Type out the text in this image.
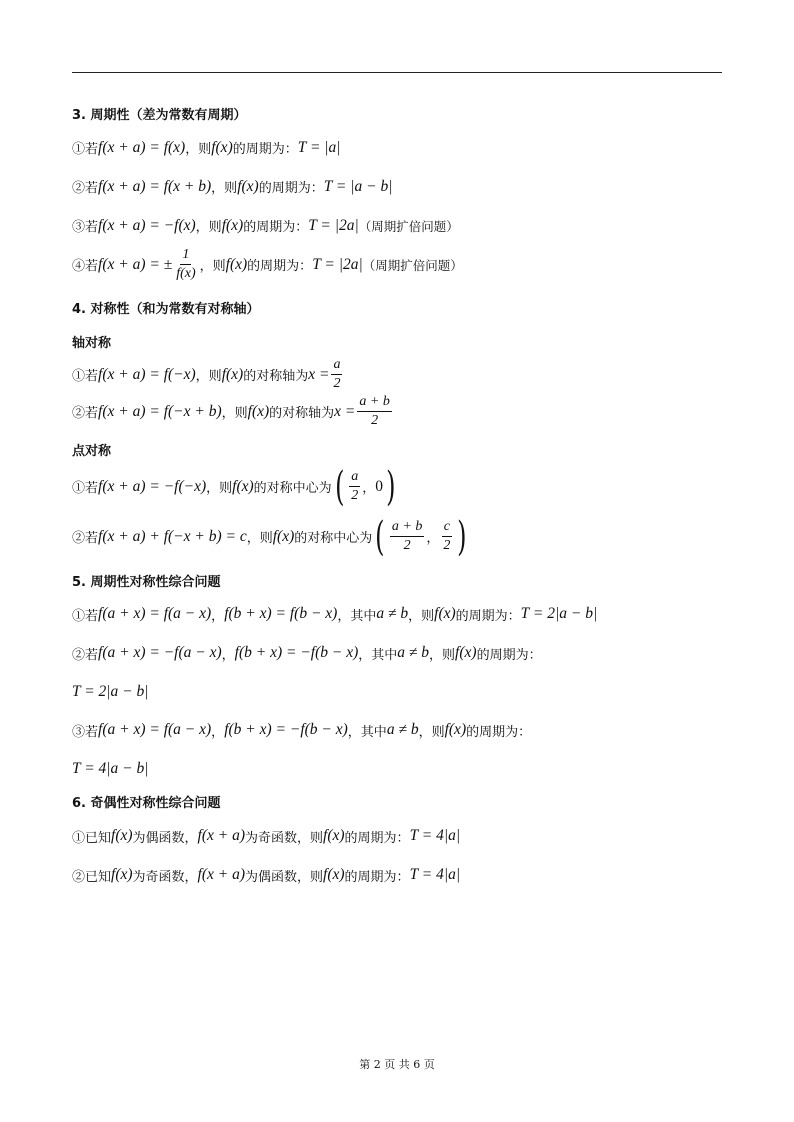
3. 周期性（差为常数有周期）
①若 f(x + a) = f(x) ，则 f(x) 的周期为： T = |a|
②若 f(x + a) = f(x + b) ，则 f(x) 的周期为： T = |a − b|
③若 f(x + a) = −f(x) ，则 f(x) 的周期为： T = |2a| （周期扩倍问题）
④若 f(x + a) = ± $\frac{1}{f(x)}$ ，则 f(x) 的周期为： T = |2a| （周期扩倍问题）
4. 对称性（和为常数有对称轴）
轴对称
①若 f(x + a) = f(−x) ，则 f(x) 的对称轴为 $x = \frac{a}{2}$
②若 f(x + a) = f(−x + b) ，则 f(x) 的对称轴为 $x = \frac{a + b}{2}$
点对称
①若 f(x + a) = −f(−x) ，则 f(x) 的对称中心为 ( $\frac{a}{2}$ ， 0 )
②若 f(x + a) + f(−x + b) = c ，则 f(x) 的对称中心为 ( $\frac{a + b}{2}$ ， $\frac{c}{2}$ )
5. 周期性对称性综合问题
①若 f(a + x) = f(a − x) ， f(b + x) = f(b − x) ，其中 a ≠ b ，则 f(x) 的周期为： T = 2|a − b|
②若 f(a + x) = −f(a − x) ， f(b + x) = −f(b − x) ，其中 a ≠ b ，则 f(x) 的周期为：
T = 2|a − b|
③若 f(a + x) = f(a − x) ， f(b + x) = −f(b − x) ，其中 a ≠ b ，则 f(x) 的周期为：
T = 4|a − b|
6. 奇偶性对称性综合问题
①已知 f(x) 为偶函数， f(x + a) 为奇函数，则 f(x) 的周期为： T = 4|a|
②已知 f(x) 为奇函数， f(x + a) 为偶函数，则 f(x) 的周期为： T = 4|a|
第 2 页 共 6 页
